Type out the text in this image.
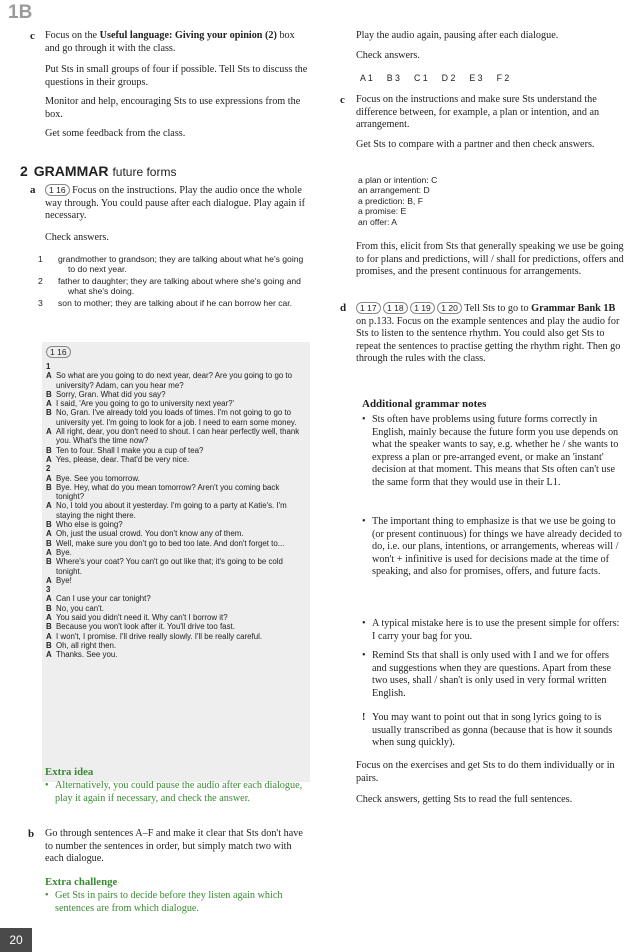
1B
c Focus on the Useful language: Giving your opinion (2) box and go through it with the class.

Put Sts in small groups of four if possible. Tell Sts to discuss the questions in their groups.

Monitor and help, encouraging Sts to use expressions from the box.

Get some feedback from the class.

2 GRAMMAR future forms
a	1 16 Focus on the instructions. Play the audio once the whole way through. You could pause after each dialogue. Play again if necessary.

Check answers.

1 grandmother to grandson; they are talking about what he's going to do next year.
2 father to daughter; they are talking about where she's going and what she's doing.
3 son to mother; they are talking about if he can borrow her car.
1 16
1
A So what are you going to do next year, dear? Are you going to go to university? Adam, can you hear me?
B Sorry, Gran. What did you say?
A I said, 'Are you going to go to university next year?'
B No, Gran. I've already told you loads of times. I'm not going to go to university yet. I'm going to look for a job. I need to earn some money.
A All right, dear, you don't need to shout. I can hear perfectly well, thank you. What's the time now?
B Ten to four. Shall I make you a cup of tea?
A Yes, please, dear. That'd be very nice.
2
A Bye. See you tomorrow.
B Bye. Hey, what do you mean tomorrow? Aren't you coming back tonight?
A No, I told you about it yesterday. I'm going to a party at Katie's. I'm staying the night there.
B Who else is going?
A Oh, just the usual crowd. You don't know any of them.
B Well, make sure you don't go to bed too late. And don't forget to...
A Bye.
B Where's your coat? You can't go out like that; it's going to be cold tonight.
A Bye!
3
A Can I use your car tonight?
B No, you can't.
A You said you didn't need it. Why can't I borrow it?
B Because you won't look after it. You'll drive too fast.
A I won't, I promise. I'll drive really slowly. I'll be really careful.
B Oh, all right then.
A Thanks. See you.
Extra idea
• Alternatively, you could pause the audio after each dialogue, play it again if necessary, and check the answer.
b Go through sentences A–F and make it clear that Sts don't have to number the sentences in order, but simply match two with each dialogue.

Extra challenge
• Get Sts in pairs to decide before they listen again which sentences are from which dialogue.

Play the audio again, pausing after each dialogue.

Check answers.

A 1 B 3 C 1 D 2 E 3 F 2
c Focus on the instructions and make sure Sts understand the difference between, for example, a plan or intention, and an arrangement.

Get Sts to compare with a partner and then check answers.

a plan or intention: C
an arrangement: D
a prediction: B, F
a promise: E
an offer: A

From this, elicit from Sts that generally speaking we use be going to for plans and predictions, will / shall for predictions, offers and promises, and the present continuous for arrangements.

d	1 17 1 18 1 19 1 20 Tell Sts to go to Grammar Bank 1B on p.133. Focus on the example sentences and play the audio for Sts to listen to the sentence rhythm. You could also get Sts to repeat the sentences to practise getting the rhythm right. Then go through the rules with the class.

Additional grammar notes
• Sts often have problems using future forms correctly in English, mainly because the future form you use depends on what the speaker wants to say, e.g. whether he / she wants to express a plan or pre-arranged event, or make an 'instant' decision at that moment. This means that Sts often can't use the same form that they would use in their L1.
• The important thing to emphasize is that we use be going to (or present continuous) for things we have already decided to do, i.e. our plans, intentions, or arrangements, whereas will / won't + infinitive is used for decisions made at the time of speaking, and also for promises, offers, and future facts.
• A typical mistake here is to use the present simple for offers: I carry your bag for you.
• Remind Sts that shall is only used with I and we for offers and suggestions when they are questions. Apart from these two uses, shall / shan't is only used in very formal written English.
! You may want to point out that in song lyrics going to is usually transcribed as gonna (because that is how it sounds when sung quickly).

Focus on the exercises and get Sts to do them individually or in pairs.

Check answers, getting Sts to read the full sentences.

20
